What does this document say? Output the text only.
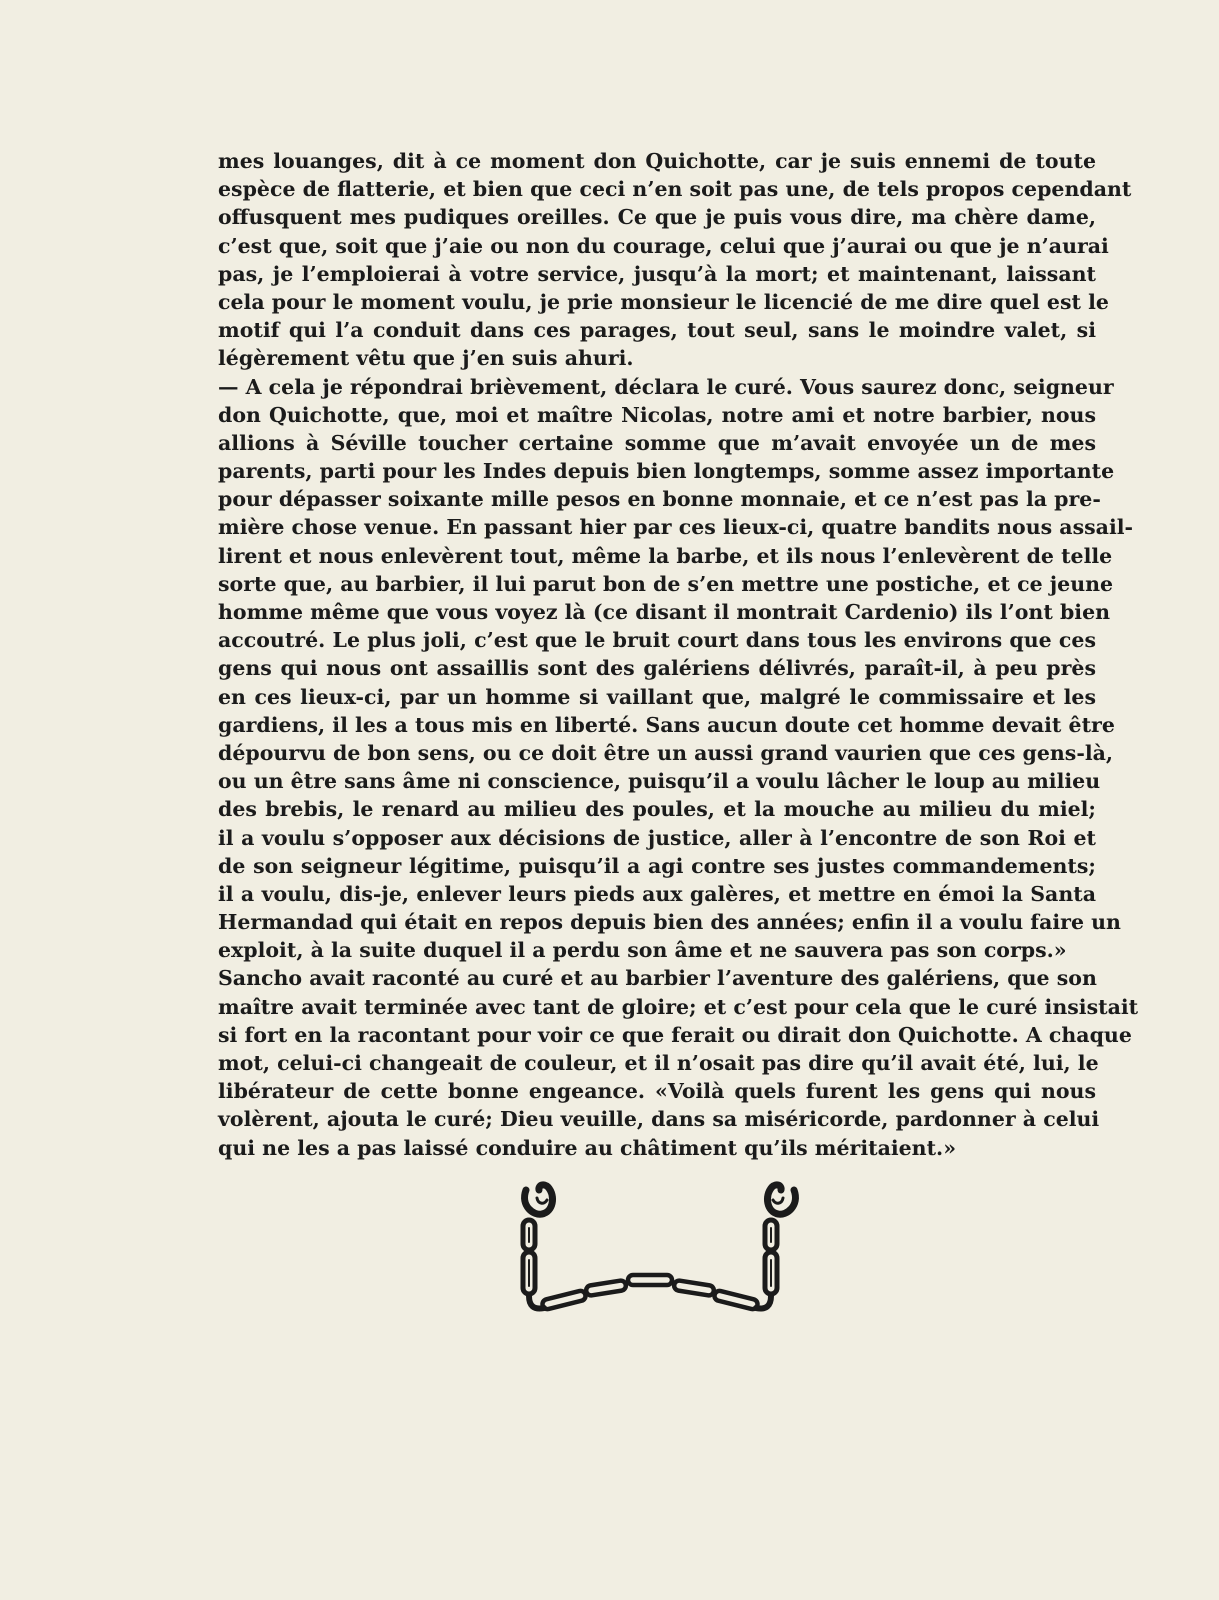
mes louanges, dit à ce moment don Quichotte, car je suis ennemi de toute
espèce de flatterie, et bien que ceci n’en soit pas une, de tels propos cependant
offusquent mes pudiques oreilles. Ce que je puis vous dire, ma chère dame,
c’est que, soit que j’aie ou non du courage, celui que j’aurai ou que je n’aurai
pas, je l’emploierai à votre service, jusqu’à la mort; et maintenant, laissant
cela pour le moment voulu, je prie monsieur le licencié de me dire quel est le
motif qui l’a conduit dans ces parages, tout seul, sans le moindre valet, si
légèrement vêtu que j’en suis ahuri.
— A cela je répondrai brièvement, déclara le curé. Vous saurez donc, seigneur
don Quichotte, que, moi et maître Nicolas, notre ami et notre barbier, nous
allions à Séville toucher certaine somme que m’avait envoyée un de mes
parents, parti pour les Indes depuis bien longtemps, somme assez importante
pour dépasser soixante mille pesos en bonne monnaie, et ce n’est pas la pre-
mière chose venue. En passant hier par ces lieux-ci, quatre bandits nous assail-
lirent et nous enlevèrent tout, même la barbe, et ils nous l’enlevèrent de telle
sorte que, au barbier, il lui parut bon de s’en mettre une postiche, et ce jeune
homme même que vous voyez là (ce disant il montrait Cardenio) ils l’ont bien
accoutré. Le plus joli, c’est que le bruit court dans tous les environs que ces
gens qui nous ont assaillis sont des galériens délivrés, paraît-il, à peu près
en ces lieux-ci, par un homme si vaillant que, malgré le commissaire et les
gardiens, il les a tous mis en liberté. Sans aucun doute cet homme devait être
dépourvu de bon sens, ou ce doit être un aussi grand vaurien que ces gens-là,
ou un être sans âme ni conscience, puisqu’il a voulu lâcher le loup au milieu
des brebis, le renard au milieu des poules, et la mouche au milieu du miel;
il a voulu s’opposer aux décisions de justice, aller à l’encontre de son Roi et
de son seigneur légitime, puisqu’il a agi contre ses justes commandements;
il a voulu, dis-je, enlever leurs pieds aux galères, et mettre en émoi la Santa
Hermandad qui était en repos depuis bien des années; enfin il a voulu faire un
exploit, à la suite duquel il a perdu son âme et ne sauvera pas son corps.»
Sancho avait raconté au curé et au barbier l’aventure des galériens, que son
maître avait terminée avec tant de gloire; et c’est pour cela que le curé insistait
si fort en la racontant pour voir ce que ferait ou dirait don Quichotte. A chaque
mot, celui-ci changeait de couleur, et il n’osait pas dire qu’il avait été, lui, le
libérateur de cette bonne engeance. «Voilà quels furent les gens qui nous
volèrent, ajouta le curé; Dieu veuille, dans sa miséricorde, pardonner à celui
qui ne les a pas laissé conduire au châtiment qu’ils méritaient.»
